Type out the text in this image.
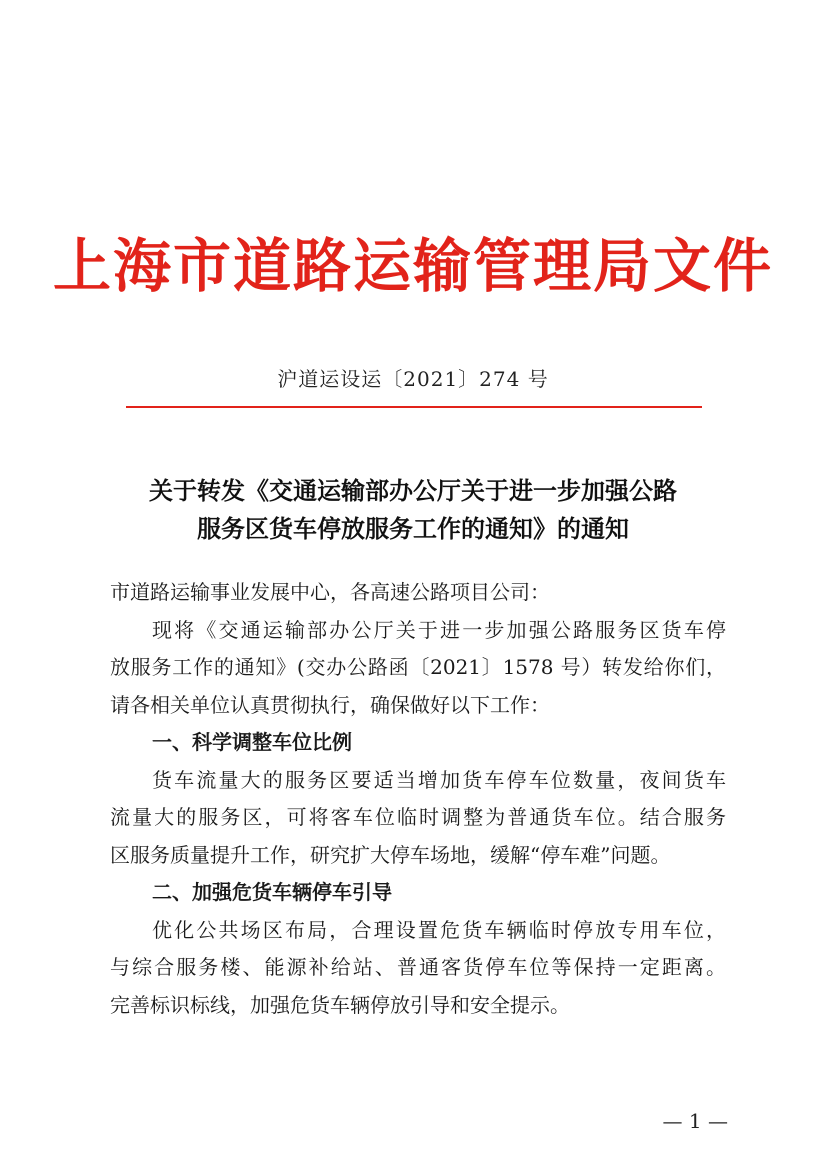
上海市道路运输管理局文件
沪道运设运〔2021〕274 号
关于转发《交通运输部办公厅关于进一步加强公路
服务区货车停放服务工作的通知》的通知

市道路运输事业发展中心，各高速公路项目公司：

现将《交通运输部办公厅关于进一步加强公路服务区货车停

放服务工作的通知》(交办公路函〔2021〕1578 号）转发给你们，

请各相关单位认真贯彻执行，确保做好以下工作：

一、科学调整车位比例

货车流量大的服务区要适当增加货车停车位数量，夜间货车

流量大的服务区，可将客车位临时调整为普通货车位。结合服务

区服务质量提升工作，研究扩大停车场地，缓解“停车难”问题。

二、加强危货车辆停车引导

优化公共场区布局，合理设置危货车辆临时停放专用车位，

与综合服务楼、能源补给站、普通客货停车位等保持一定距离。

完善标识标线，加强危货车辆停放引导和安全提示。

— 1 —
